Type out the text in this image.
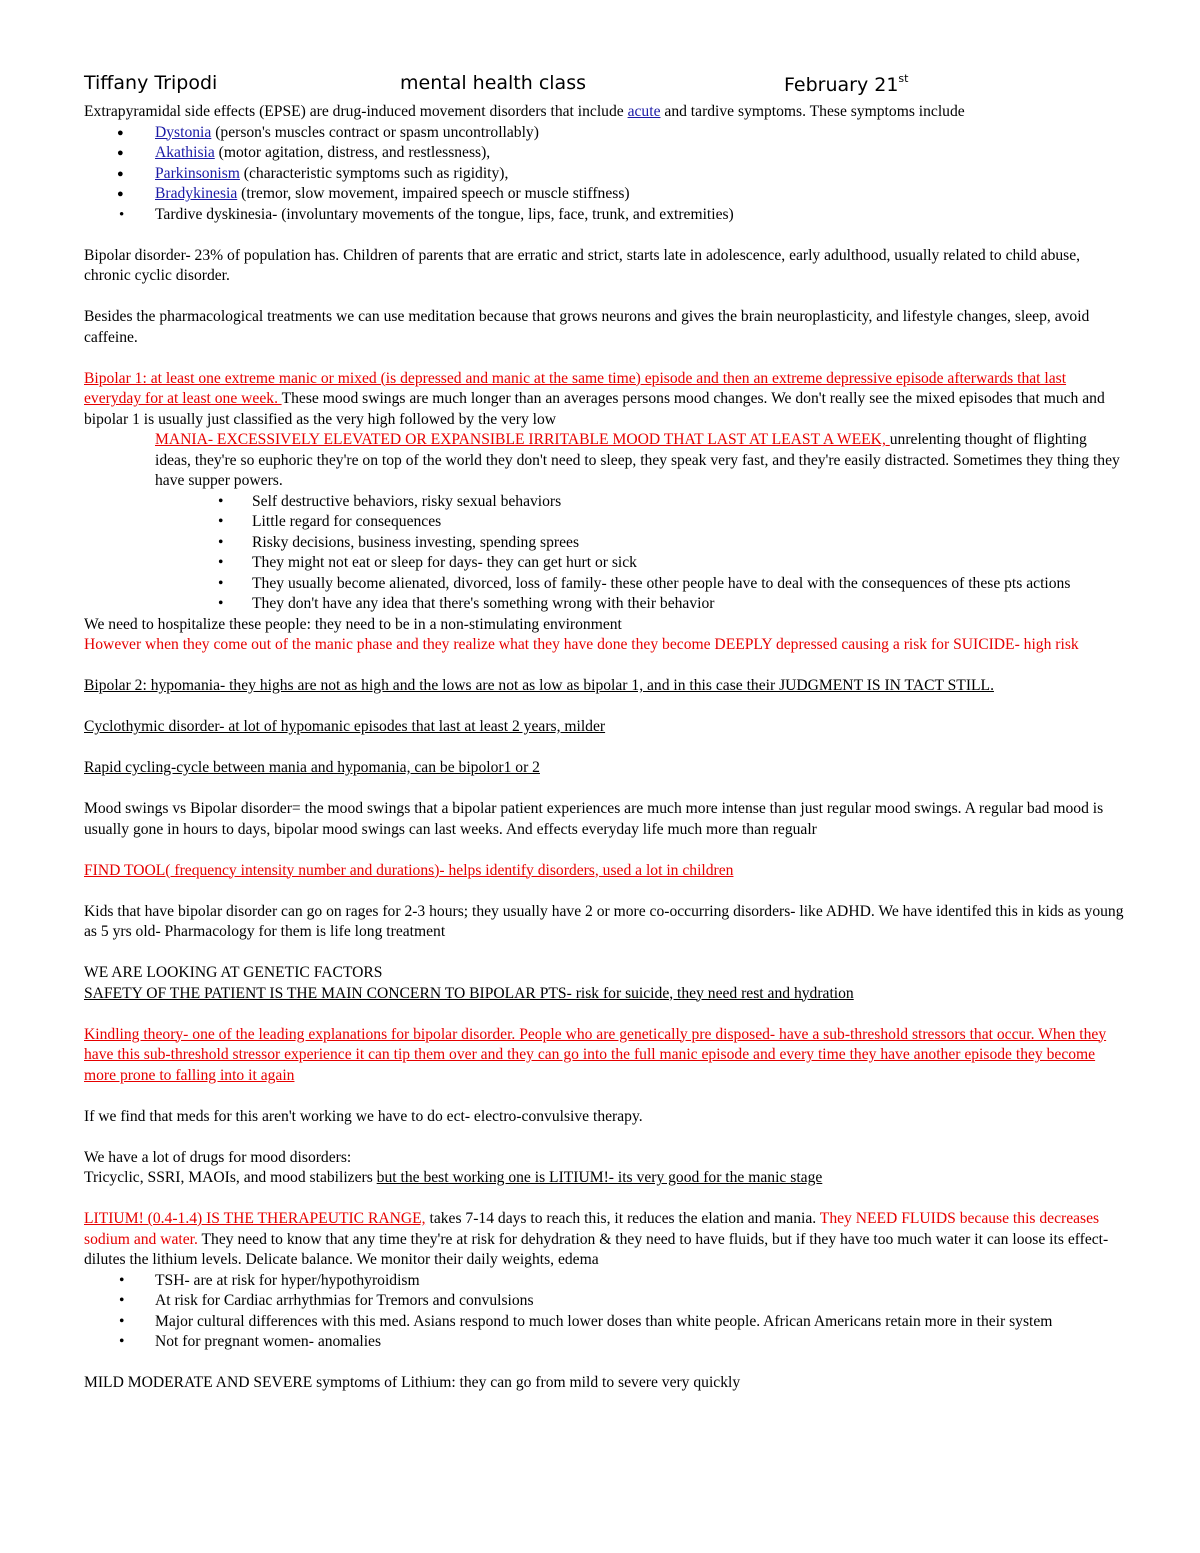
Tiffany Tripodi	mental health class	February 21st

Extrapyramidal side effects (EPSE) are drug-induced movement disorders that include acute and tardive symptoms. These symptoms include

● Dystonia (person's muscles contract or spasm uncontrollably)
● Akathisia (motor agitation, distress, and restlessness),
● Parkinsonism (characteristic symptoms such as rigidity),
● Bradykinesia (tremor, slow movement, impaired speech or muscle stiffness)
• Tardive dyskinesia- (involuntary movements of the tongue, lips, face, trunk, and extremities)

Bipolar disorder- 23% of population has. Children of parents that are erratic and strict, starts late in adolescence, early adulthood, usually related to child abuse, chronic cyclic disorder.

Besides the pharmacological treatments we can use meditation because that grows neurons and gives the brain neuroplasticity, and lifestyle changes, sleep, avoid caffeine.

Bipolar 1: at least one extreme manic or mixed (is depressed and manic at the same time) episode and then an extreme depressive episode afterwards that last everyday for at least one week. These mood swings are much longer than an averages persons mood changes. We don't really see the mixed episodes that much and bipolar 1 is usually just classified as the very high followed by the very low

MANIA- EXCESSIVELY ELEVATED OR EXPANSIBLE IRRITABLE MOOD THAT LAST AT LEAST A WEEK, unrelenting thought of flighting ideas, they're so euphoric they're on top of the world they don't need to sleep, they speak very fast, and they're easily distracted. Sometimes they thing they have supper powers.

• Self destructive behaviors, risky sexual behaviors
• Little regard for consequences
• Risky decisions, business investing, spending sprees
• They might not eat or sleep for days- they can get hurt or sick
• They usually become alienated, divorced, loss of family- these other people have to deal with the consequences of these pts actions
• They don't have any idea that there's something wrong with their behavior

We need to hospitalize these people: they need to be in a non-stimulating environment

However when they come out of the manic phase and they realize what they have done they become DEEPLY depressed causing a risk for SUICIDE- high risk

Bipolar 2: hypomania- they highs are not as high and the lows are not as low as bipolar 1, and in this case their JUDGMENT IS IN TACT STILL.

Cyclothymic disorder- at lot of hypomanic episodes that last at least 2 years, milder

Rapid cycling-cycle between mania and hypomania, can be bipolor1 or 2

Mood swings vs Bipolar disorder= the mood swings that a bipolar patient experiences are much more intense than just regular mood swings. A regular bad mood is usually gone in hours to days, bipolar mood swings can last weeks. And effects everyday life much more than regualr

FIND TOOL( frequency intensity number and durations)- helps identify disorders, used a lot in children

Kids that have bipolar disorder can go on rages for 2-3 hours; they usually have 2 or more co-occurring disorders- like ADHD. We have identifed this in kids as young as 5 yrs old- Pharmacology for them is life long treatment

WE ARE LOOKING AT GENETIC FACTORS

SAFETY OF THE PATIENT IS THE MAIN CONCERN TO BIPOLAR PTS- risk for suicide, they need rest and hydration

Kindling theory- one of the leading explanations for bipolar disorder. People who are genetically pre disposed- have a sub-threshold stressors that occur. When they have this sub-threshold stressor experience it can tip them over and they can go into the full manic episode and every time they have another episode they become more prone to falling into it again

If we find that meds for this aren't working we have to do ect- electro-convulsive therapy.

We have a lot of drugs for mood disorders:

Tricyclic, SSRI, MAOIs, and mood stabilizers but the best working one is LITIUM!- its very good for the manic stage

LITIUM! (0.4-1.4) IS THE THERAPEUTIC RANGE, takes 7-14 days to reach this, it reduces the elation and mania. They NEED FLUIDS because this decreases sodium and water. They need to know that any time they're at risk for dehydration & they need to have fluids, but if they have too much water it can loose its effect- dilutes the lithium levels. Delicate balance. We monitor their daily weights, edema

• TSH- are at risk for hyper/hypothyroidism
• At risk for Cardiac arrhythmias for Tremors and convulsions
• Major cultural differences with this med. Asians respond to much lower doses than white people. African Americans retain more in their system
• Not for pregnant women- anomalies

MILD MODERATE AND SEVERE symptoms of Lithium: they can go from mild to severe very quickly
